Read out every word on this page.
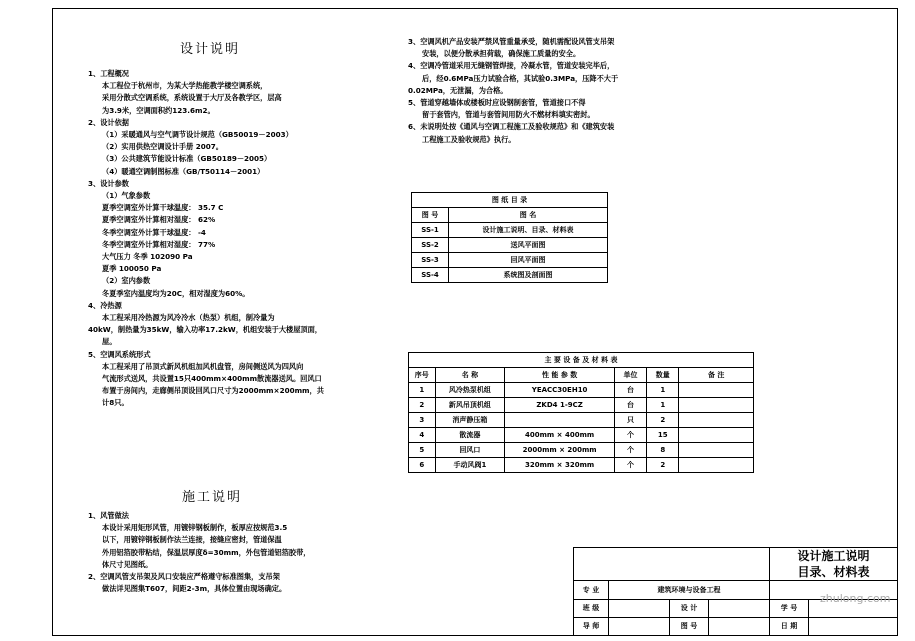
设计说明
1、工程概况
本工程位于杭州市，为某大学热能教学楼空调系统，
采用分散式空调系统，系统设置于大厅及各教学区，层高
为3.9米，空调面积约123.6m2。
2、设计依据
（1）采暖通风与空气调节设计规范（GB50019－2003）
（2）实用供热空调设计手册 2007。
（3）公共建筑节能设计标准（GB50189－2005）
（4）暖通空调制图标准（GB/T50114－2001）
3、设计参数
（1）气象参数
夏季空调室外计算干球温度： 35.7 C
夏季空调室外计算相对湿度： 62%
冬季空调室外计算干球温度： -4
冬季空调室外计算相对湿度： 77%
大气压力 冬季 102090 Pa
夏季 100050 Pa
（2）室内参数
冬夏季室内温度均为20C，相对湿度为60%。
4、冷热源
本工程采用冷热源为风冷冷水（热泵）机组，制冷量为
40kW，制热量为35kW，输入功率17.2kW，机组安装于大楼屋顶面，
屋。
5、空调风系统形式
本工程采用了吊顶式新风机组加风机盘管，房间侧送风为四风向
气流形式送风，共设置15只400mm×400mm散流器送风。回风口
布置于房间内，走廊侧吊顶设回风口尺寸为2000mm×200mm，共
计8只。
施工说明
1、风管做法
本设计采用矩形风管，用镀锌钢板制作，板厚应按规范3.5
以下，用镀锌钢板制作法兰连接，接缝应密封，管道保温
外用铝箔胶带粘结，保温层厚度δ=30mm，外包管道铝箔胶带，
体尺寸见图纸。
2、空调风管支吊架及风口安装应严格遵守标准图集，支吊架
做法详见图集T607，间距2-3m，具体位置由现场确定。
3、空调风机产品安装严禁风管重量承受，随机需配设风管支吊架
安装，以便分散承担荷载，确保施工质量的安全。
4、空调冷管道采用无缝钢管焊接，冷凝水管，管道安装完毕后，
后，经0.6MPa压力试验合格，其试验0.3MPa，压降不大于
0.02MPa，无泄漏，为合格。
5、管道穿越墙体或楼板时应设钢制套管，管道接口不得
留于套管内，管道与套管间用防火不燃材料填实密封。
6、未说明处按《通风与空调工程施工及验收规范》和《建筑安装
工程施工及验收规范》执行。
图 纸 目 录	
图 号	图 名
SS-1	设计施工说明、目录、材料表
SS-2	送风平面图
SS-3	回风平面图
SS-4	系统图及剖面图
主 要 设 备 及 材 料 表					
序号	名 称	性 能 参 数	单位	数量	备 注
1	风冷热泵机组	YEACC30EH10	台	1	
2	新风吊顶机组	ZKD4 1-9CZ	台	1	
3	消声静压箱		只	2	
4	散流器	400mm × 400mm	个	15	
5	回风口	2000mm × 200mm	个	8	
6	手动风阀1	320mm × 320mm	个	2	

				设计施工说明
目录、材料表	

专 业	建筑环境与设备工程				
班 级		设 计		学 号	
导 师		图 号		日 期	
zhulong.com
